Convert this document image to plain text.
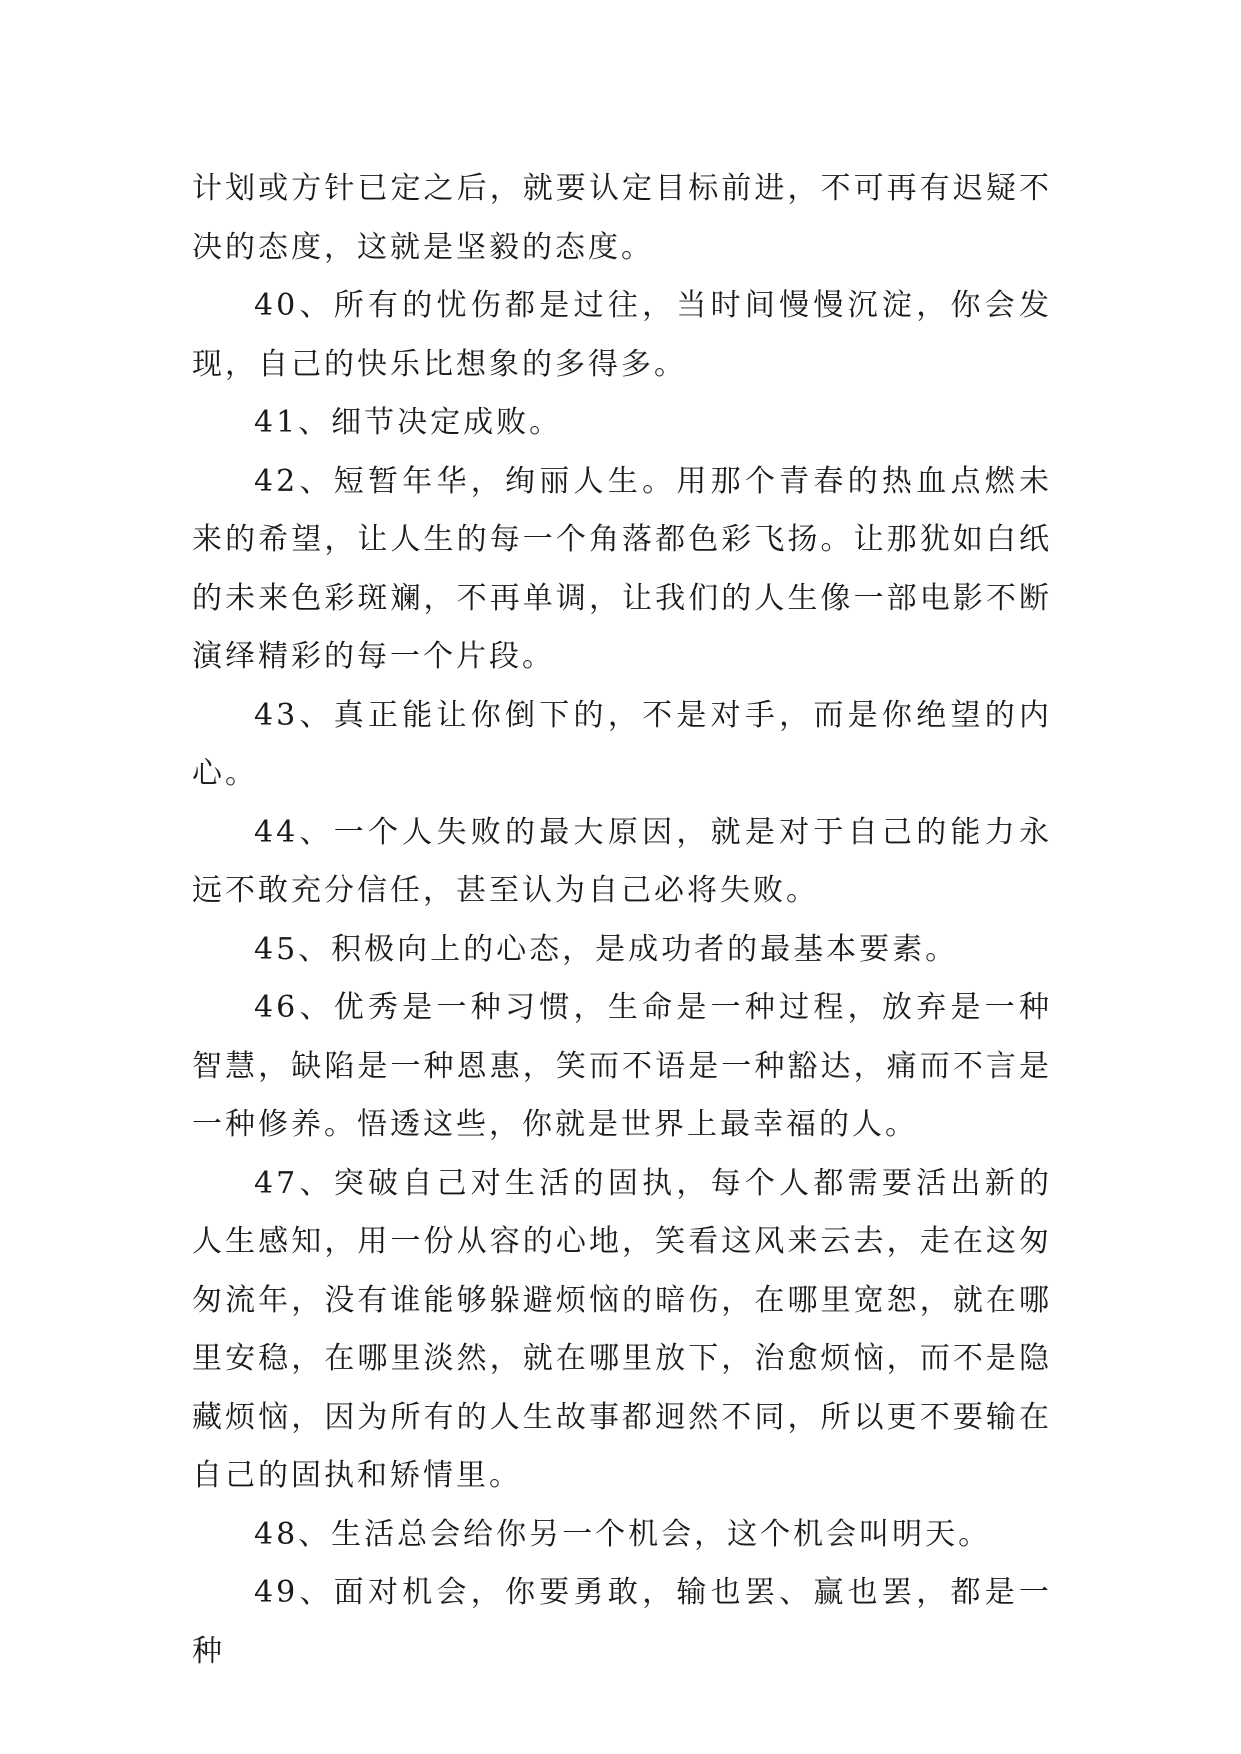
计划或方针已定之后，就要认定目标前进，不可再有迟疑不决的态度，这就是坚毅的态度。

40、所有的忧伤都是过往，当时间慢慢沉淀，你会发现，自己的快乐比想象的多得多。

41、细节决定成败。

42、短暂年华，绚丽人生。用那个青春的热血点燃未来的希望，让人生的每一个角落都色彩飞扬。让那犹如白纸的未来色彩斑斓，不再单调，让我们的人生像一部电影不断演绎精彩的每一个片段。

43、真正能让你倒下的，不是对手，而是你绝望的内心。

44、一个人失败的最大原因，就是对于自己的能力永远不敢充分信任，甚至认为自己必将失败。

45、积极向上的心态，是成功者的最基本要素。

46、优秀是一种习惯，生命是一种过程，放弃是一种智慧，缺陷是一种恩惠，笑而不语是一种豁达，痛而不言是一种修养。悟透这些，你就是世界上最幸福的人。

47、突破自己对生活的固执，每个人都需要活出新的人生感知，用一份从容的心地，笑看这风来云去，走在这匆匆流年，没有谁能够躲避烦恼的暗伤，在哪里宽恕，就在哪里安稳，在哪里淡然，就在哪里放下，治愈烦恼，而不是隐藏烦恼，因为所有的人生故事都迥然不同，所以更不要输在自己的固执和矫情里。

48、生活总会给你另一个机会，这个机会叫明天。

49、面对机会，你要勇敢，输也罢、赢也罢，都是一种
